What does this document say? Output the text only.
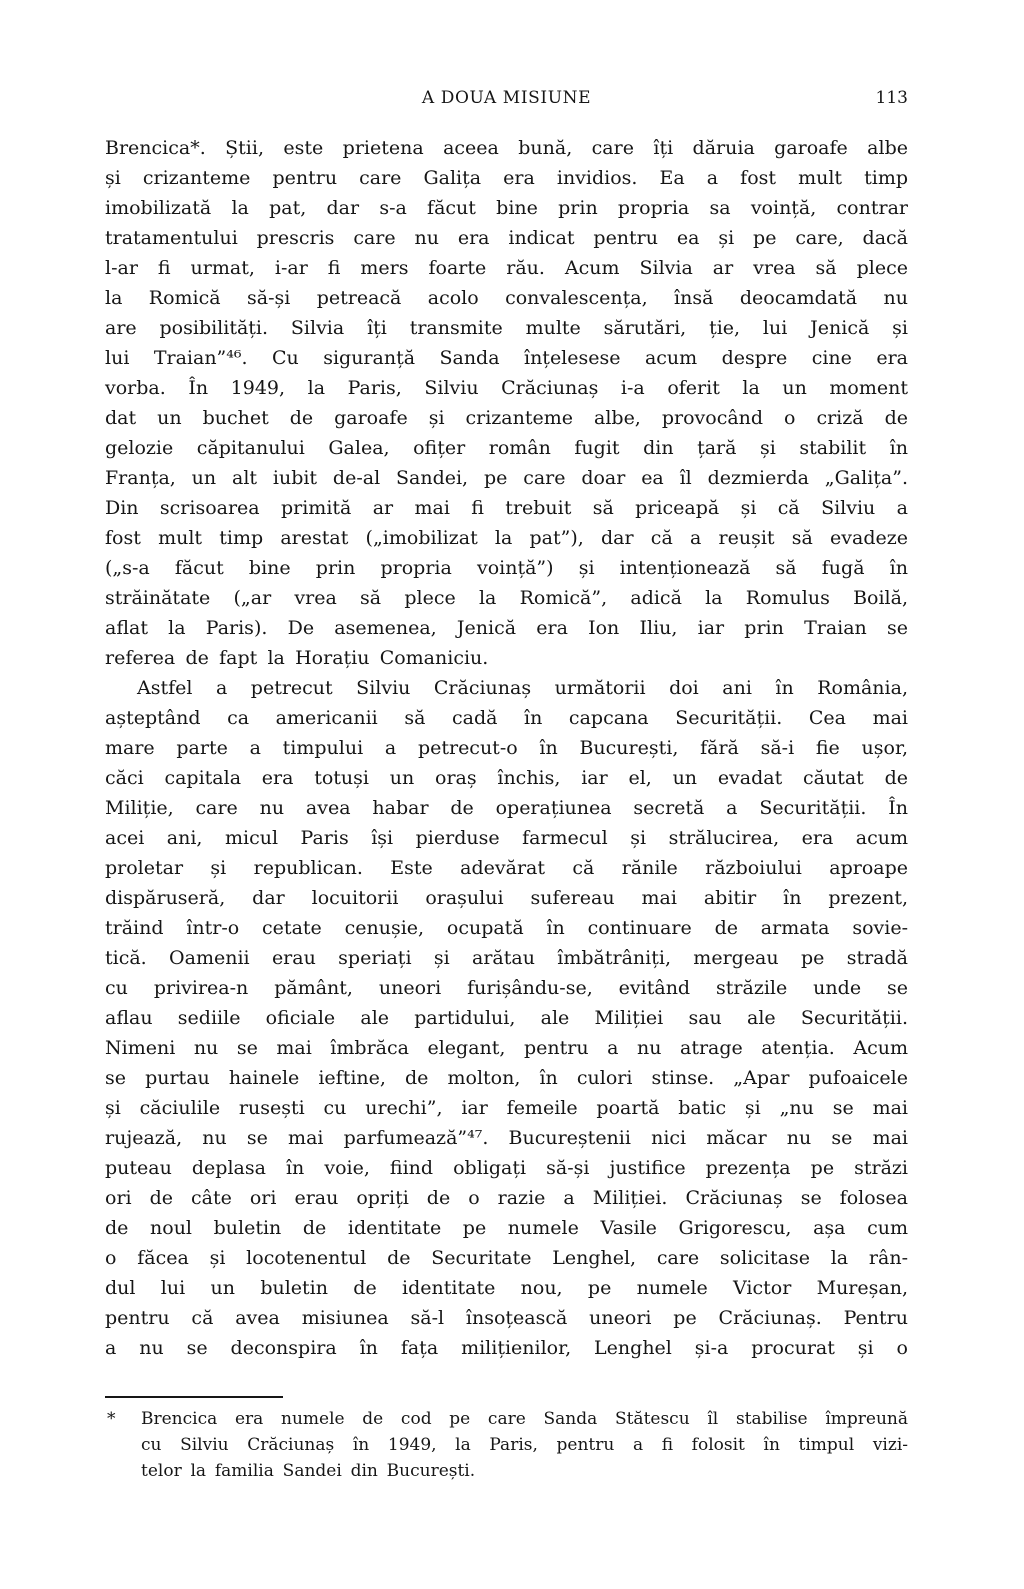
A DOUA MISIUNE	113
Brencica*. Știi, este prietena aceea bună, care îți dăruia garoafe albe
și crizanteme pentru care Galița era invidios. Ea a fost mult timp
imobilizată la pat, dar s-a făcut bine prin propria sa voință, contrar
tratamentului prescris care nu era indicat pentru ea și pe care, dacă
l-ar fi urmat, i-ar fi mers foarte rău. Acum Silvia ar vrea să plece
la Romică să-și petreacă acolo convalescența, însă deocamdată nu
are posibilități. Silvia îți transmite multe sărutări, ție, lui Jenică și
lui Traian”⁴⁶. Cu siguranță Sanda înțelesese acum despre cine era
vorba. În 1949, la Paris, Silviu Crăciunaș i-a oferit la un moment
dat un buchet de garoafe și crizanteme albe, provocând o criză de
gelozie căpitanului Galea, ofițer român fugit din țară și stabilit în
Franța, un alt iubit de-al Sandei, pe care doar ea îl dezmierda „Galița”.
Din scrisoarea primită ar mai fi trebuit să priceapă și că Silviu a
fost mult timp arestat („imobilizat la pat”), dar că a reușit să evadeze
(„s-a făcut bine prin propria voință”) și intenționează să fugă în
străinătate („ar vrea să plece la Romică”, adică la Romulus Boilă,
aflat la Paris). De asemenea, Jenică era Ion Iliu, iar prin Traian se
referea de fapt la Horațiu Comaniciu.
Astfel a petrecut Silviu Crăciunaș următorii doi ani în România,
așteptând ca americanii să cadă în capcana Securității. Cea mai
mare parte a timpului a petrecut-o în București, fără să-i fie ușor,
căci capitala era totuși un oraș închis, iar el, un evadat căutat de
Miliție, care nu avea habar de operațiunea secretă a Securității. În
acei ani, micul Paris își pierduse farmecul și strălucirea, era acum
proletar și republican. Este adevărat că rănile războiului aproape
dispăruseră, dar locuitorii orașului sufereau mai abitir în prezent,
trăind într-o cetate cenușie, ocupată în continuare de armata sovie-
tică. Oamenii erau speriați și arătau îmbătrâniți, mergeau pe stradă
cu privirea-n pământ, uneori furișându-se, evitând străzile unde se
aflau sediile oficiale ale partidului, ale Miliției sau ale Securității.
Nimeni nu se mai îmbrăca elegant, pentru a nu atrage atenția. Acum
se purtau hainele ieftine, de molton, în culori stinse. „Apar pufoaicele
și căciulile rusești cu urechi”, iar femeile poartă batic și „nu se mai
rujează, nu se mai parfumează”⁴⁷. Bucureștenii nici măcar nu se mai
puteau deplasa în voie, fiind obligați să-și justifice prezența pe străzi
ori de câte ori erau opriți de o razie a Miliției. Crăciunaș se folosea
de noul buletin de identitate pe numele Vasile Grigorescu, așa cum
o făcea și locotenentul de Securitate Lenghel, care solicitase la rân-
dul lui un buletin de identitate nou, pe numele Victor Mureșan,
pentru că avea misiunea să-l însoțească uneori pe Crăciunaș. Pentru
a nu se deconspira în fața milițienilor, Lenghel și-a procurat și o
* Brencica era numele de cod pe care Sanda Stătescu îl stabilise împreună
cu Silviu Crăciunaș în 1949, la Paris, pentru a fi folosit în timpul vizi-
telor la familia Sandei din București.
